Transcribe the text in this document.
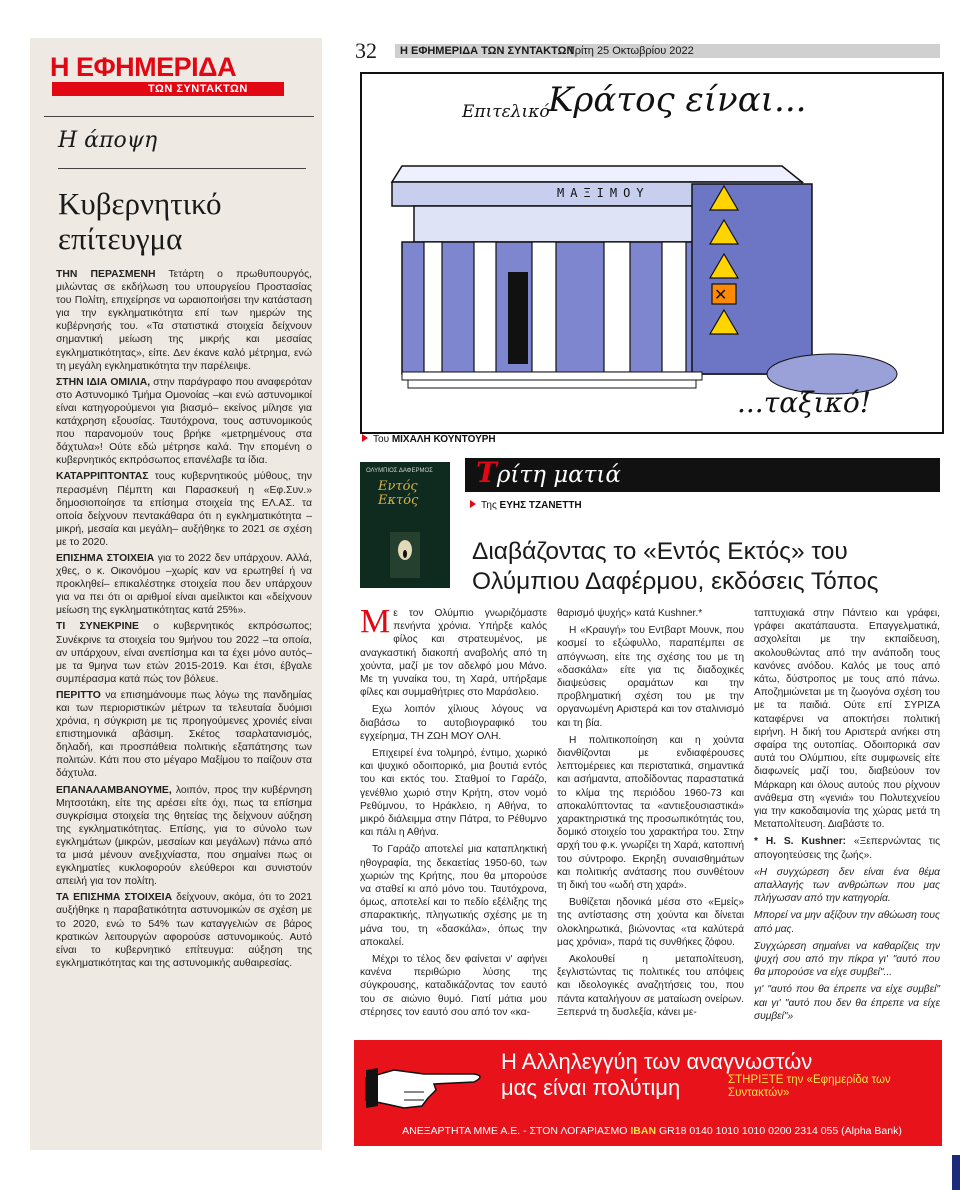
Η ΕΦΗΜΕΡΙΔΑ
ΤΩΝ ΣΥΝΤΑΚΤΩΝ
Η άποψη
Κυβερνητικό επίτευγμα

ΤΗΝ ΠΕΡΑΣΜΕΝΗ Τετάρτη ο πρωθυπουργός, μιλώντας σε εκδήλωση του υπουργείου Προστασίας του Πολίτη, επιχείρησε να ωραιοποιήσει την κατάσταση για την εγκληματικότητα επί των ημερών της κυβέρνησής του. «Τα στατιστικά στοιχεία δείχνουν σημαντική μείωση της μικρής και μεσαίας εγκληματικότητας», είπε. Δεν έκανε καλό μέτρημα, ενώ τη μεγάλη εγκληματικότητα την παρέλειψε.

ΣΤΗΝ ΙΔΙΑ ΟΜΙΛΙΑ, στην παράγραφο που αναφερόταν στο Αστυνομικό Τμήμα Ομονοίας –και ενώ αστυνομικοί είναι κατηγορούμενοι για βιασμό– εκείνος μίλησε για κατάχρηση εξουσίας. Ταυτόχρονα, τους αστυνομικούς που παρανομούν τους βρήκε «μετρημένους στα δάχτυλα»! Ούτε εδώ μέτρησε καλά. Την επομένη ο κυβερνητικός εκπρόσωπος επανέλαβε τα ίδια.

ΚΑΤΑΡΡΙΠΤΟΝΤΑΣ τους κυβερνητικούς μύθους, την περασμένη Πέμπτη και Παρασκευή η «Εφ.Συν.» δημοσιοποίησε τα επίσημα στοιχεία της ΕΛ.ΑΣ. τα οποία δείχνουν πεντακάθαρα ότι η εγκληματικότητα –μικρή, μεσαία και μεγάλη– αυξήθηκε το 2021 σε σχέση με το 2020.

ΕΠΙΣΗΜΑ ΣΤΟΙΧΕΙΑ για το 2022 δεν υπάρχουν. Αλλά, χθες, ο κ. Οικονόμου –χωρίς καν να ερωτηθεί ή να προκληθεί– επικαλέστηκε στοιχεία που δεν υπάρχουν για να πει ότι οι αριθμοί είναι αμείλικτοι και «δείχνουν μείωση της εγκληματικότητας κατά 25%».

ΤΙ ΣΥΝΕΚΡΙΝΕ ο κυβερνητικός εκπρόσωπος; Συνέκρινε τα στοιχεία του 9μήνου του 2022 –τα οποία, αν υπάρχουν, είναι ανεπίσημα και τα έχει μόνο αυτός– με τα 9μηνα των ετών 2015-2019. Και έτσι, έβγαλε συμπέρασμα κατά πώς τον βόλευε.

ΠΕΡΙΤΤΟ να επισημάνουμε πως λόγω της πανδημίας και των περιοριστικών μέτρων τα τελευταία δυόμισι χρόνια, η σύγκριση με τις προηγούμενες χρονιές είναι επιστημονικά αβάσιμη. Σκέτος τσαρλατανισμός, δηλαδή, και προσπάθεια πολιτικής εξαπάτησης των πολιτών. Κάτι που στο μέγαρο Μαξίμου το παίζουν στα δάχτυλα.

ΕΠΑΝΑΛΑΜΒΑΝΟΥΜΕ, λοιπόν, προς την κυβέρνηση Μητσοτάκη, είτε της αρέσει είτε όχι, πως τα επίσημα συγκρίσιμα στοιχεία της θητείας της δείχνουν αύξηση της εγκληματικότητας. Επίσης, για το σύνολο των εγκλημάτων (μικρών, μεσαίων και μεγάλων) πάνω από τα μισά μένουν ανεξιχνίαστα, που σημαίνει πως οι εγκληματίες κυκλοφορούν ελεύθεροι και συνιστούν απειλή για τον πολίτη.

ΤΑ ΕΠΙΣΗΜΑ ΣΤΟΙΧΕΙΑ δείχνουν, ακόμα, ότι το 2021 αυξήθηκε η παραβατικότητα αστυνομικών σε σχέση με το 2020, ενώ το 54% των καταγγελιών σε βάρος κρατικών λειτουργών αφορούσε αστυνομικούς. Αυτό είναι το κυβερνητικό επίτευγμα: αύξηση της εγκληματικότητας και της αστυνομικής αυθαιρεσίας.

32 Η ΕΦΗΜΕΡΙΔΑ ΤΩΝ ΣΥΝΤΑΚΤΩΝ
Τρίτη 25 Οκτωβρίου 2022
✕
Επιτελικό
Κράτος είναι...
ΜΑΞΙΜΟΥ
...ταξικό!
Του ΜΙΧΑΛΗ ΚΟΥΝΤΟΥΡΗ
ΟΛΥΜΠΙΟΣ ΔΑΦΕΡΜΟΣ
Εντός Εκτός
Τρίτη ματιά
Της ΕΥΗΣ ΤΖΑΝΕΤΤΗ
Διαβάζοντας το «Εντός Εκτός» του
Ολύμπιου Δαφέρμου, εκδόσεις Τόπος

Με τον Ολύμπιο γνωριζόμαστε πενήντα χρόνια. Υπήρξε καλός φίλος και στρατευμένος, με αναγκαστική διακοπή αναβολής από τη χούντα, μαζί με τον αδελφό μου Μάνο. Με τη γυναίκα του, τη Χαρά, υπήρξαμε φίλες και συμμαθήτριες στο Μαράσλειο.

Εχω λοιπόν χίλιους λόγους να διαβάσω το αυτοβιογραφικό του εγχείρημα, ΤΗ ΖΩΗ ΜΟΥ ΟΛΗ.

Επιχειρεί ένα τολμηρό, έντιμο, χωρικό και ψυχικό οδοιπορικό, μια βουτιά εντός του και εκτός του. Σταθμοί το Γαράζο, γενέθλιο χωριό στην Κρήτη, στον νομό Ρεθύμνου, το Ηράκλειο, η Αθήνα, το μικρό διάλειμμα στην Πάτρα, το Ρέθυμνο και πάλι η Αθήνα.

Το Γαράζο αποτελεί μια καταπληκτική ηθογραφία, της δεκαετίας 1950-60, των χωριών της Κρήτης, που θα μπορούσε να σταθεί κι από μόνο του. Ταυτόχρονα, όμως, αποτελεί και το πεδίο εξέλιξης της σπαρακτικής, πληγωτικής σχέσης με τη μάνα του, τη «δασκάλα», όπως την αποκαλεί.

Μέχρι το τέλος δεν φαίνεται ν' αφήνει κανένα περιθώριο λύσης της σύγκρουσης, καταδικάζοντας τον εαυτό του σε αιώνιο θυμό. Γιατί μάτια μου στέρησες τον εαυτό σου από τον «κα-

θαρισμό ψυχής» κατά Kushner.*

Η «Κραυγή» του Εντβαρτ Μουνκ, που κοσμεί το εξώφυλλο, παραπέμπει σε απόγνωση, είτε της σχέσης του με τη «δασκάλα» είτε για τις διαδοχικές διαψεύσεις οραμάτων και την προβληματική σχέση του με την οργανωμένη Αριστερά και τον σταλινισμό και τη βία.

Η πολιτικοποίηση και η χούντα διανθίζονται με ενδιαφέρουσες λεπτομέρειες και περιστατικά, σημαντικά και ασήμαντα, αποδίδοντας παραστατικά το κλίμα της περιόδου 1960-73 και αποκαλύπτοντας τα «αντιεξουσιαστικά» χαρακτηριστικά της προσωπικότητάς του, δομικό στοιχείο του χαρακτήρα του. Στην αρχή του φ.κ. γνωρίζει τη Χαρά, κατοπινή του σύντροφο. Εκρηξη συναισθημάτων και πολιτικής ανάτασης που συνθέτουν τη δική του «ωδή στη χαρά».

Βυθίζεται ηδονικά μέσα στο «Εμείς» της αντίστασης στη χούντα και δίνεται ολοκληρωτικά, βιώνοντας «τα καλύτερά μας χρόνια», παρά τις συνθήκες ζόφου.

Ακολουθεί η μεταπολίτευση, ξεγλιστώντας τις πολιτικές του απόψεις και ιδεολογικές αναζητήσεις του, που πάντα καταλήγουν σε ματαίωση ονείρων. Ξεπερνά τη δυσλεξία, κάνει με-

ταπτυχιακά στην Πάντειο και γράφει, γράφει ακατάπαυστα. Επαγγελματικά, ασχολείται με την εκπαίδευση, ακολουθώντας από την ανάποδη τους κανόνες ανόδου. Καλός με τους από κάτω, δύστροπος με τους από πάνω. Αποζημιώνεται με τη ζωογόνα σχέση του με τα παιδιά. Ούτε επί ΣΥΡΙΖΑ καταφέρνει να αποκτήσει πολιτική ειρήνη. Η δική του Αριστερά ανήκει στη σφαίρα της ουτοπίας. Οδοιπορικά σαν αυτά του Ολύμπιου, είτε συμφωνείς είτε διαφωνείς μαζί του, διαβεύουν τον Μάρκαρη και όλους αυτούς που ρίχνουν ανάθεμα στη «γενιά» του Πολυτεχνείου για την κακοδαιμονία της χώρας μετά τη Μεταπολίτευση. Διαβάστε το.

* H. S. Kushner: «Ξεπερνώντας τις απογοητεύσεις της ζωής».

«Η συγχώρεση δεν είναι ένα θέμα απαλλαγής των ανθρώπων που μας πλήγωσαν από την κατηγορία.

Μπορεί να μην αξίζουν την αθώωση τους από μας.

Συγχώρεση σημαίνει να καθαρίζεις την ψυχή σου από την πίκρα γι' "αυτό που θα μπορούσε να είχε συμβεί"...

γι' "αυτό που θα έπρεπε να είχε συμβεί" και γι' "αυτό που δεν θα έπρεπε να είχε συμβεί"»

Η Αλληλεγγύη των αναγνωστών
μας είναι πολύτιμη	ΣΤΗΡΙΞΤΕ την «Εφημερίδα των Συντακτών»
ΑΝΕΞΑΡΤΗΤΑ ΜΜΕ Α.Ε. - ΣΤΟΝ ΛΟΓΑΡΙΑΣΜΟ IBAN GR18 0140 1010 1010 0200 2314 055 (Alpha Bank)
